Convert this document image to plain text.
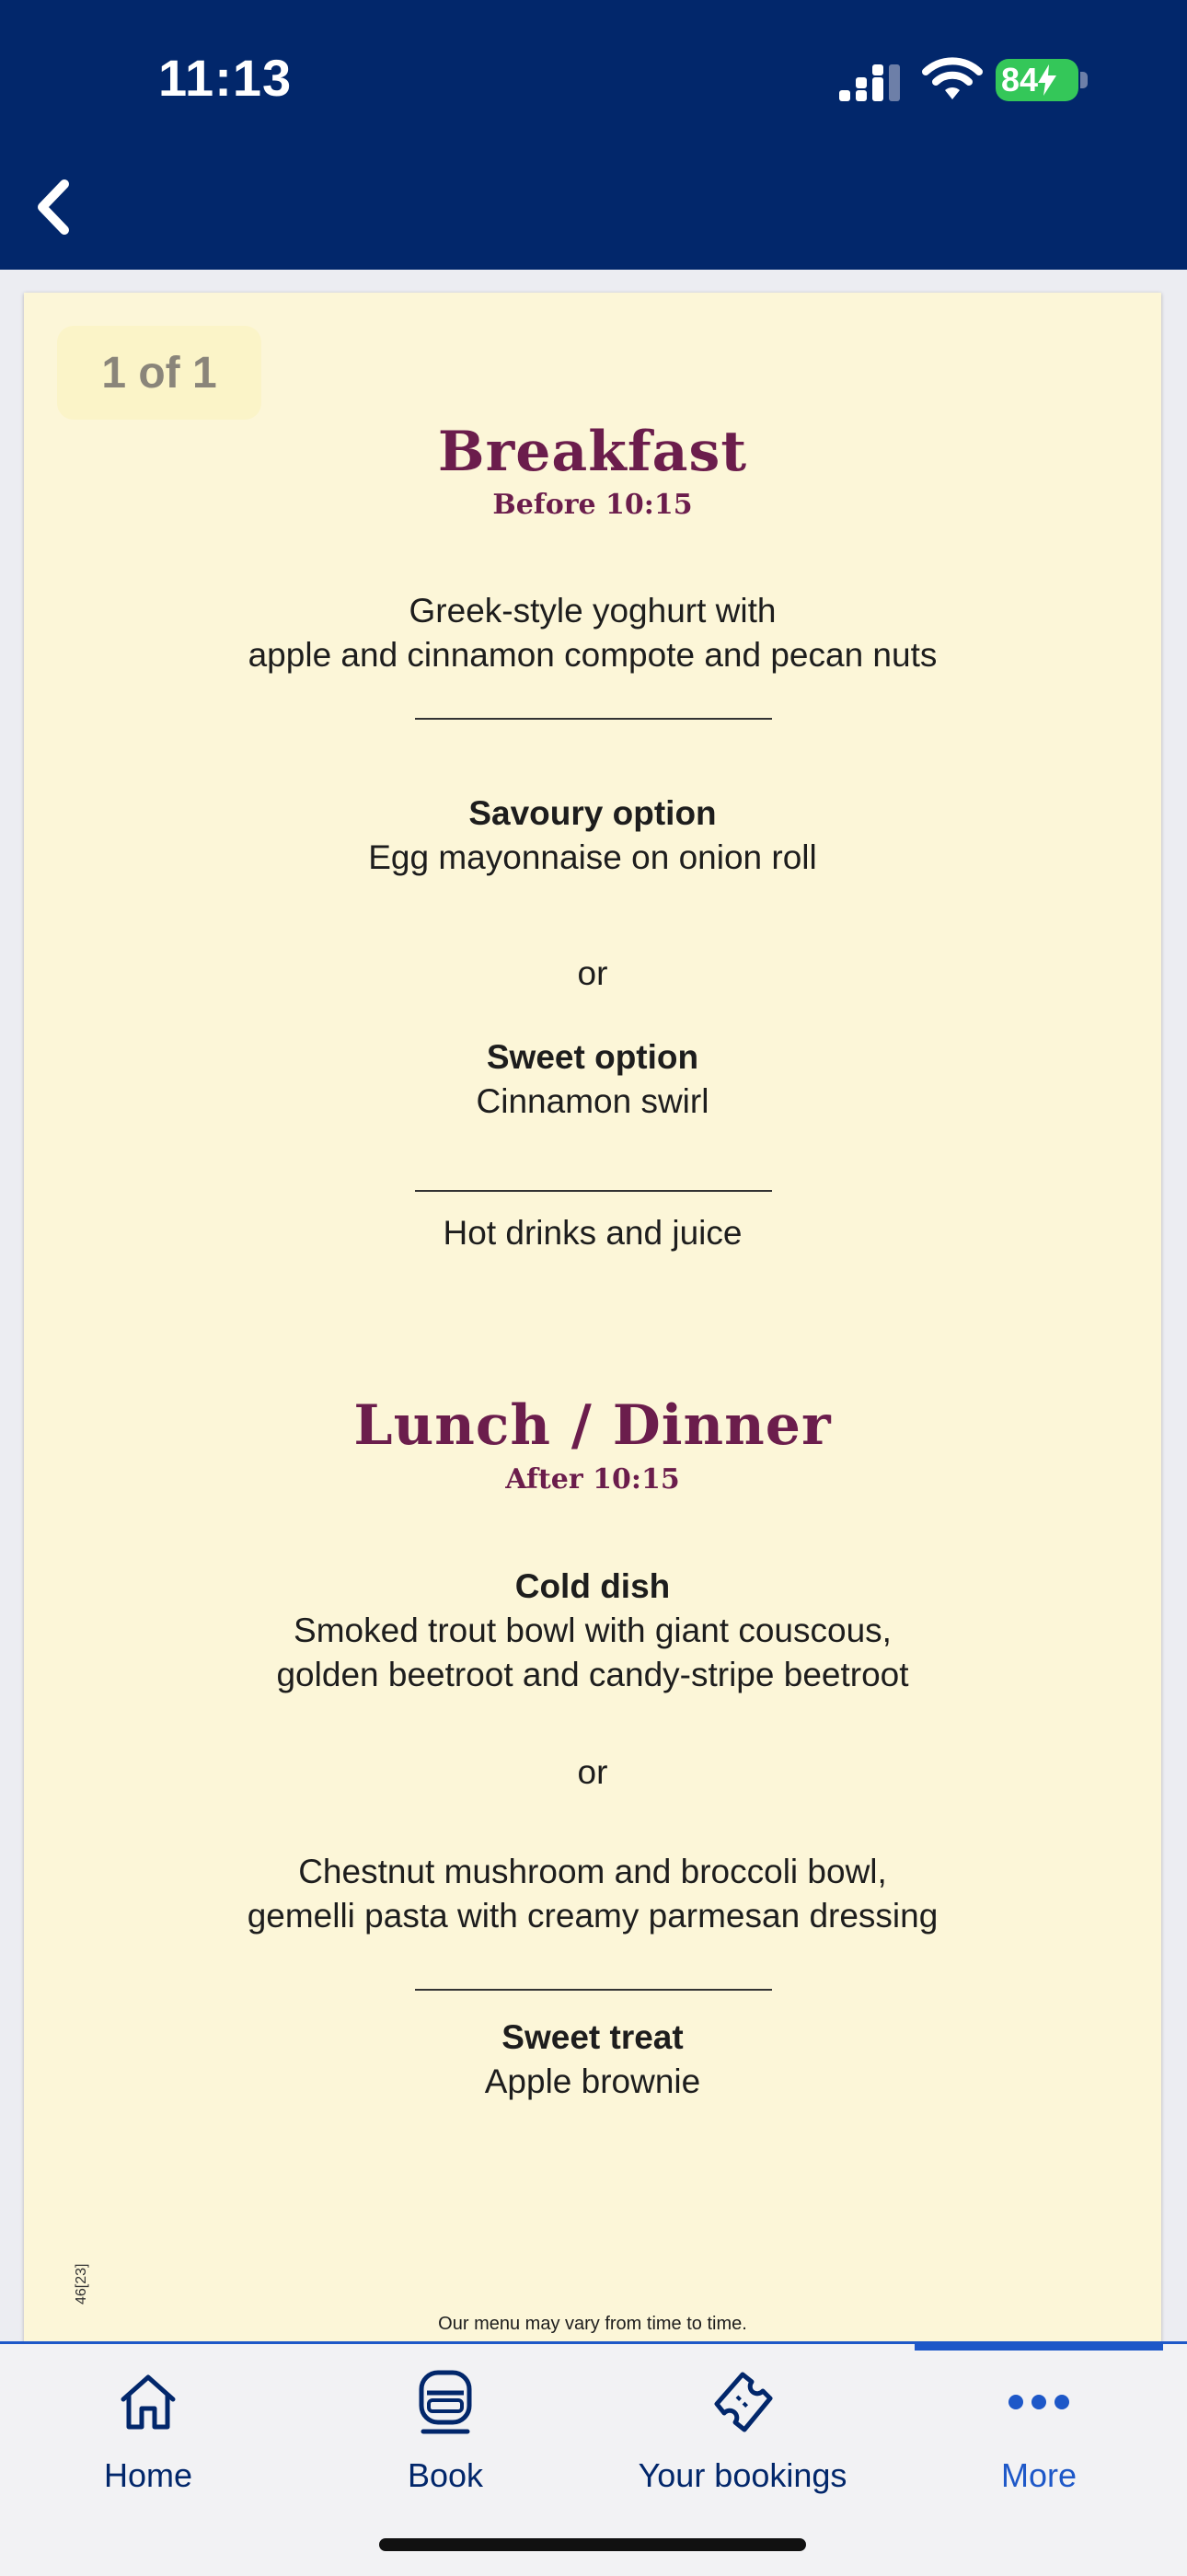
11:13	84
1 of 1
Breakfast
Before 10:15
Greek-style yoghurt with
apple and cinnamon compote and pecan nuts
Savoury option
Egg mayonnaise on onion roll
or
Sweet option
Cinnamon swirl
Hot drinks and juice
Lunch / Dinner
After 10:15
Cold dish
Smoked trout bowl with giant couscous,
golden beetroot and candy-stripe beetroot
or
Chestnut mushroom and broccoli bowl,
gemelli pasta with creamy parmesan dressing
Sweet treat
Apple brownie
Our menu may vary from time to time.
46[23]
Home	Book	Your bookings	More
